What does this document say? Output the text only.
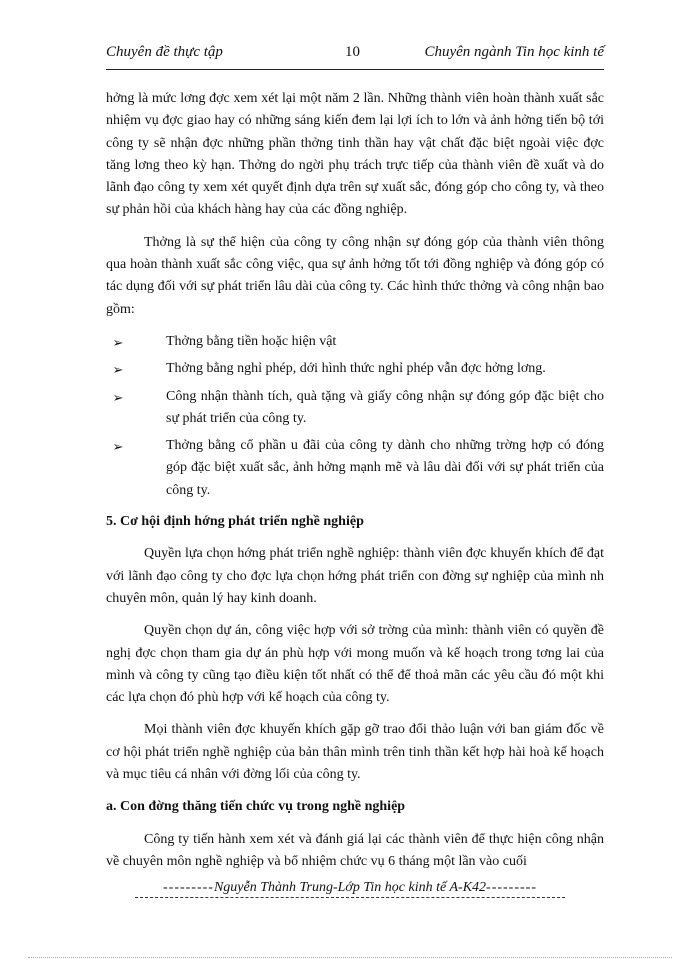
Chuyên đề thực tập	10	Chuyên ngành Tin học kinh tế

hởng là mức lơng đợc xem xét lại một năm 2 lần. Những thành viên hoàn thành xuất sắc nhiệm vụ đợc giao hay có những sáng kiến đem lại lợi ích to lớn và ảnh hởng tiến bộ tới công ty sẽ nhận đợc những phần thởng tinh thần hay vật chất đặc biệt ngoài việc đợc tăng lơng theo kỳ hạn. Thởng do ngời phụ trách trực tiếp của thành viên đề xuất và do lãnh đạo công ty xem xét quyết định dựa trên sự xuất sắc, đóng góp cho công ty, và theo sự phản hồi của khách hàng hay của các đồng nghiệp.

Thởng là sự thể hiện của công ty công nhận sự đóng góp của thành viên thông qua hoàn thành xuất sắc công việc, qua sự ảnh hởng tốt tới đồng nghiệp và đóng góp có tác dụng đối với sự phát triển lâu dài của công ty. Các hình thức thởng và công nhận bao gồm:

➢	Thởng bằng tiền hoặc hiện vật
➢	Thởng bằng nghỉ phép, dới hình thức nghỉ phép vẫn đợc hởng lơng.
➢	Công nhận thành tích, quà tặng và giấy công nhận sự đóng góp đặc biệt cho sự phát triển của công ty.
➢	Thởng bằng cổ phần u đãi của công ty dành cho những trờng hợp có đóng góp đặc biệt xuất sắc, ảnh hởng mạnh mẽ và lâu dài đối với sự phát triển của công ty.

5. Cơ hội định hớng phát triển nghề nghiệp

Quyền lựa chọn hớng phát triển nghề nghiệp: thành viên đợc khuyến khích để đạt với lãnh đạo công ty cho đợc lựa chọn hớng phát triển con đờng sự nghiệp của mình nh chuyên môn, quản lý hay kinh doanh.

Quyền chọn dự án, công việc hợp với sở trờng của mình: thành viên có quyền đề nghị đợc chọn tham gia dự án phù hợp với mong muốn và kế hoạch trong tơng lai của mình và công ty cũng tạo điều kiện tốt nhất có thể để thoả mãn các yêu cầu đó một khi các lựa chọn đó phù hợp với kế hoạch của công ty.

Mọi thành viên đợc khuyến khích gặp gỡ trao đổi thảo luận với ban giám đốc về cơ hội phát triển nghề nghiệp của bản thân mình trên tinh thần kết hợp hài hoà kế hoạch và mục tiêu cá nhân với đờng lối của công ty.

a. Con đờng thăng tiến chức vụ trong nghề nghiệp

Công ty tiến hành xem xét và đánh giá lại các thành viên để thực hiện công nhận về chuyên môn nghề nghiệp và bổ nhiệm chức vụ 6 tháng một lần vào cuối

---------Nguyễn Thành Trung-Lớp Tin học kinh tế A-K42---------
